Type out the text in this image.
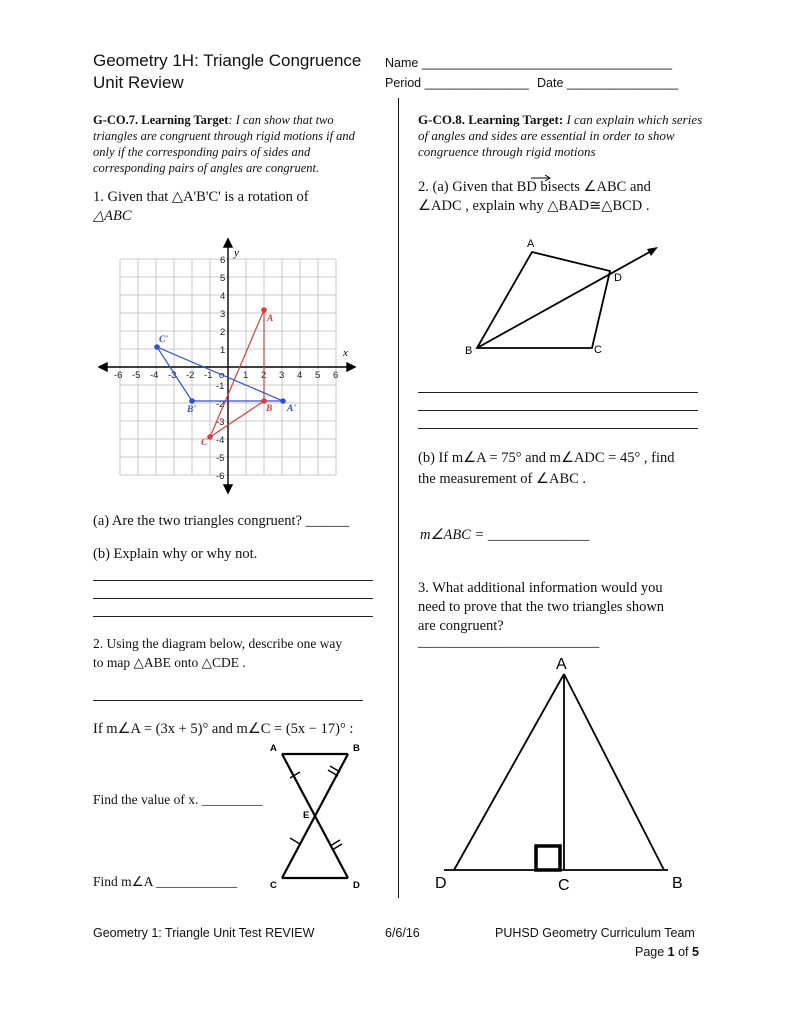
Geometry 1H: Triangle Congruence
Unit Review
Name ____________________________________
Period _______________ Date ________________
G-CO.7. Learning Target: I can show that two triangles are congruent through rigid motions if and only if the corresponding pairs of sides and corresponding pairs of angles are congruent.
1. Given that △A'B'C' is a rotation of
△ABC
-6 -5 -4 -3 -2 -1 o 1 2 3 4 5 6
6
5
4
3
2
1
-1
-2
-3
-4
-5
-6
x
y
A
B
C
A'
B'
C'
(a) Are the two triangles congruent? ______
(b) Explain why or why not.
2. Using the diagram below, describe one way
to map △ABE onto △CDE .
If m∠A = (3x + 5)° and m∠C = (5x − 17)° :
Find the value of x. _________
Find m∠A ____________
A	B
E
C	D
G-CO.8. Learning Target: I can explain which series of angles and sides are essential in order to show congruence through rigid motions
2. (a) Given that BD bisects ∠ABC and
∠ADC , explain why △BAD≅△BCD .
A
B	C
D
(b) If m∠A = 75° and m∠ADC = 45° , find
the measurement of ∠ABC .
m∠ABC = ______________
3. What additional information would you
need to prove that the two triangles shown
are congruent?
_________________________
A
D	C	B
Geometry 1: Triangle Unit Test REVIEW	6/6/16	PUHSD Geometry Curriculum Team
Page 1 of 5
